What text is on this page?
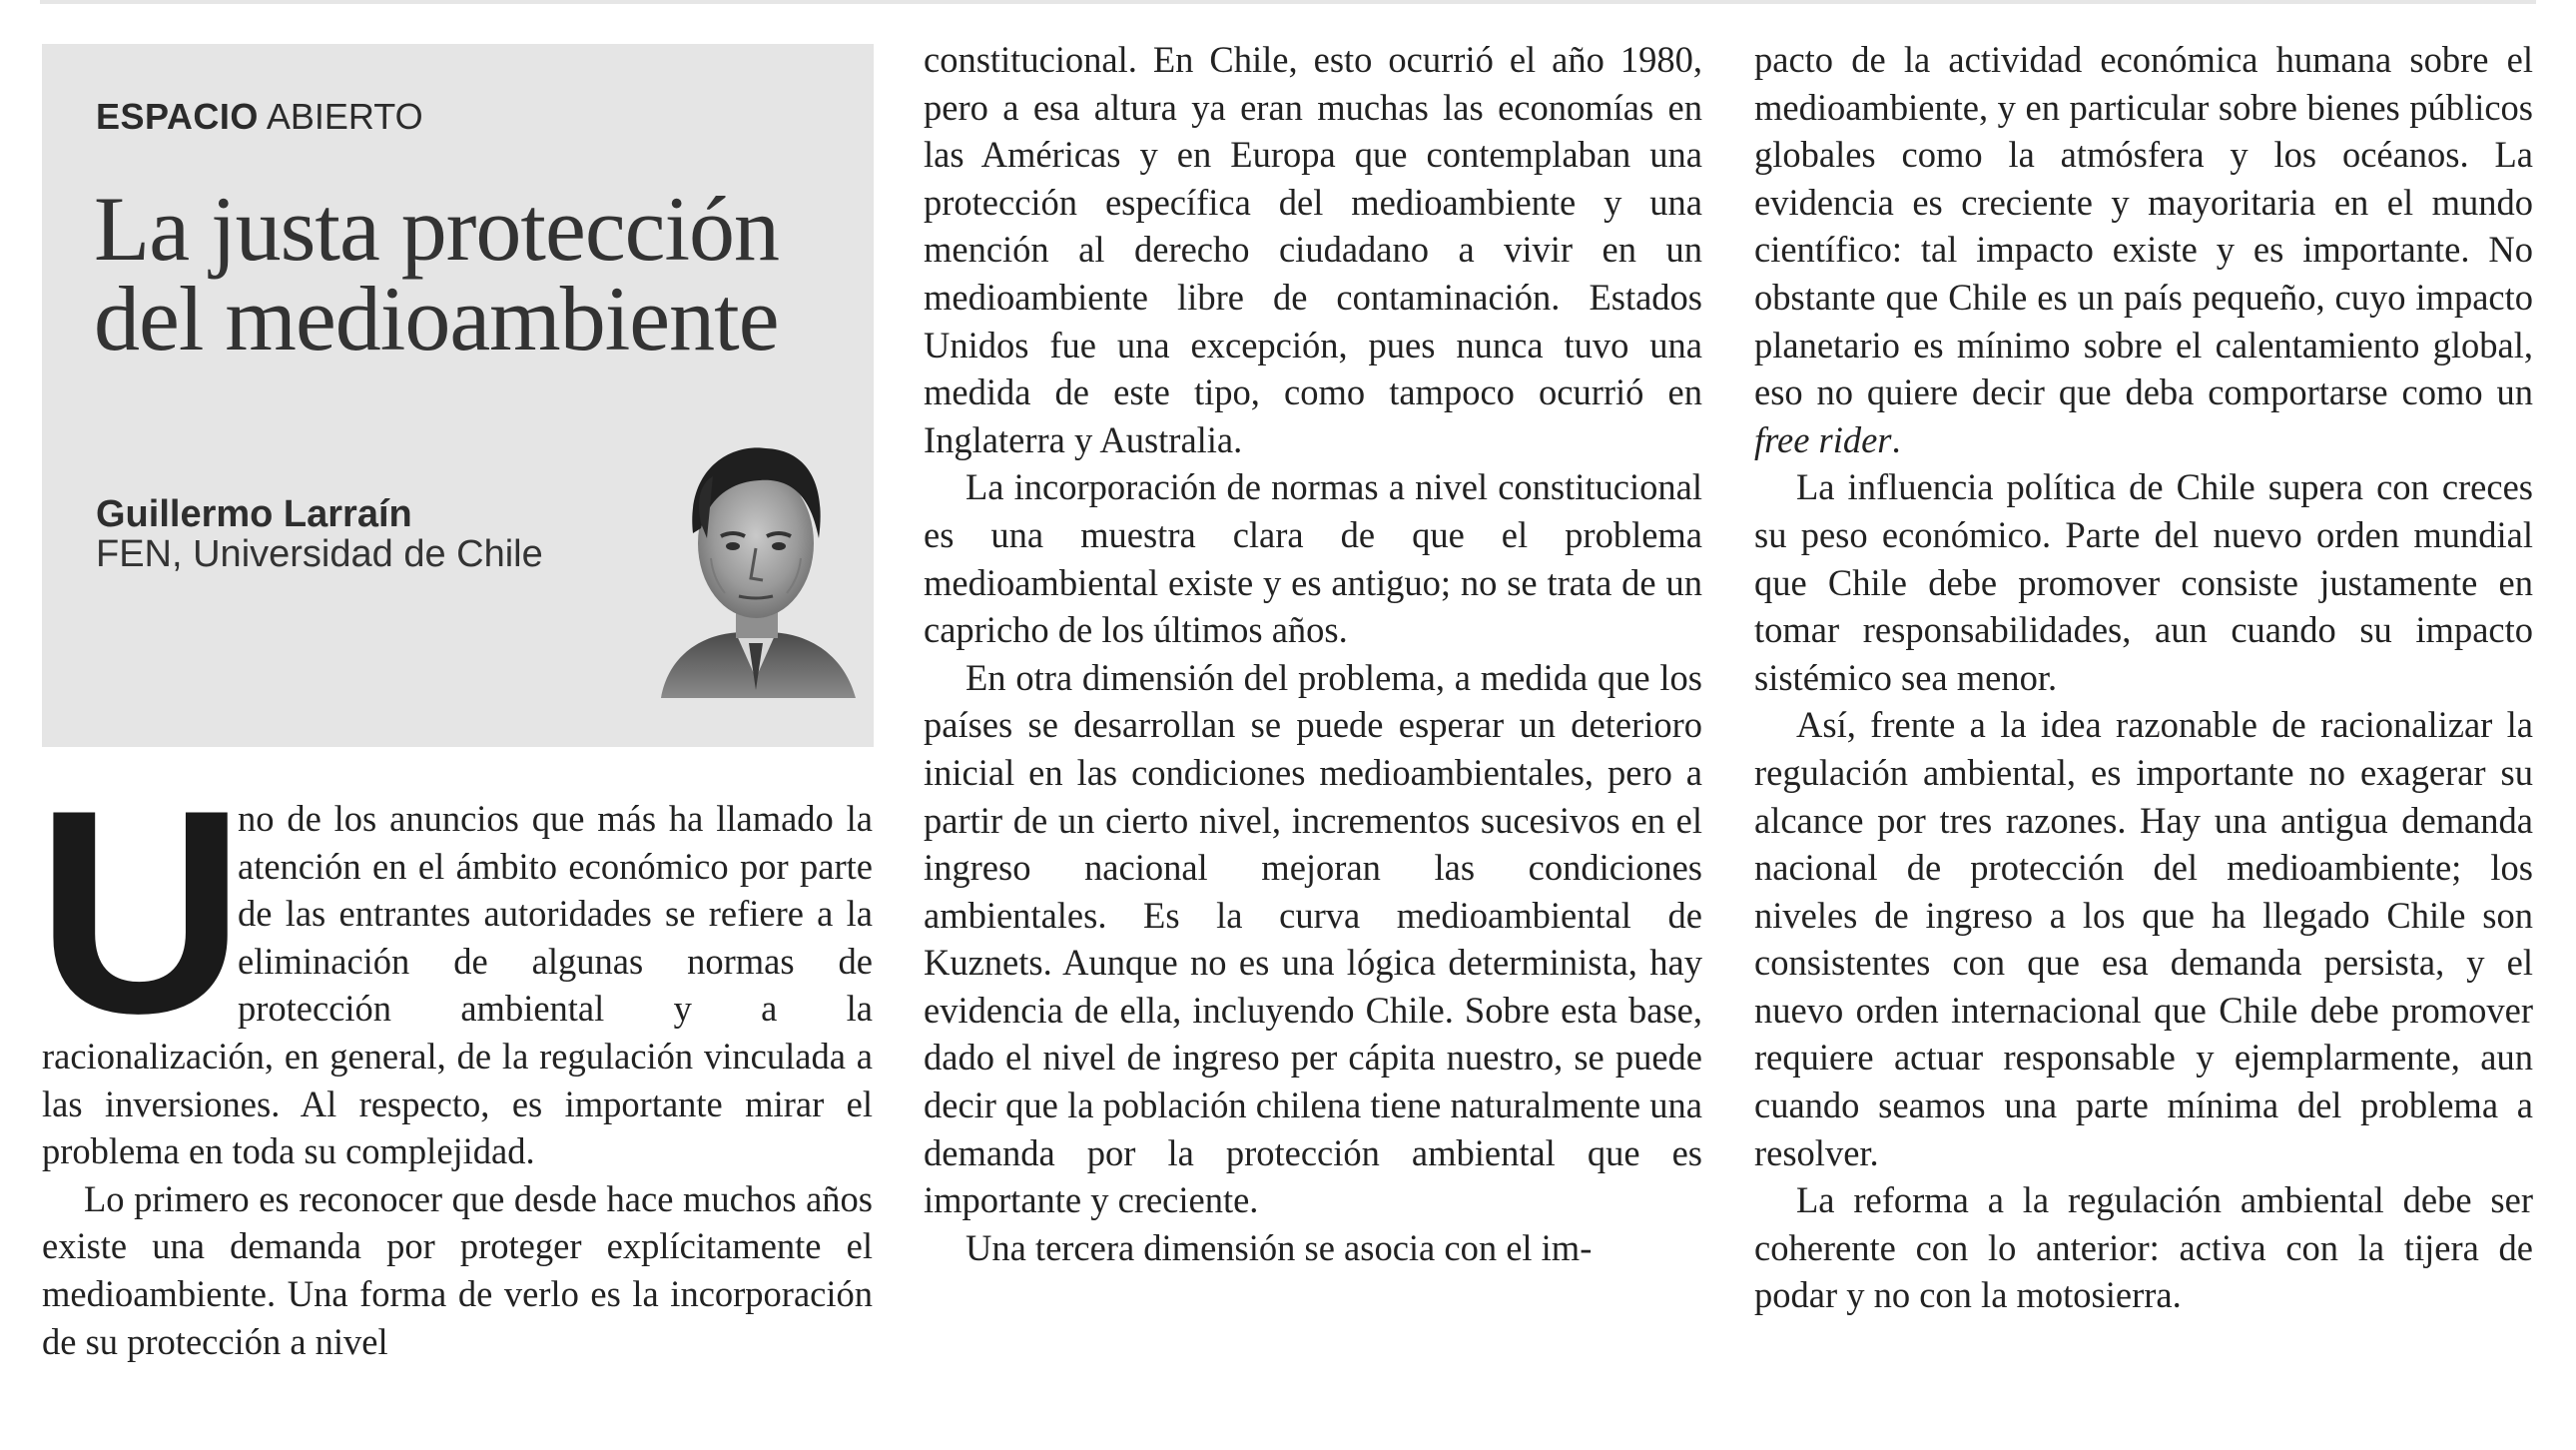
ESPACIO ABIERTO

La justa protección
del medioambiente

Guillermo Larraín

FEN, Universidad de Chile

U
no de los anuncios que más ha llamado la atención en el ámbito económico por parte de las entrantes autoridades se refiere a la eliminación de algunas normas de protección ambiental y a la racionalización, en general, de la regulación vinculada a las inversiones. Al respecto, es importante mirar el problema en toda su complejidad.

Lo primero es reconocer que desde hace muchos años existe una demanda por proteger explícitamente el medioambiente. Una forma de verlo es la incorporación de su protección a nivel

constitucional. En Chile, esto ocurrió el año 1980, pero a esa altura ya eran muchas las economías en las Américas y en Europa que contemplaban una protección específica del medioambiente y una mención al derecho ciudadano a vivir en un medioambiente libre de contaminación. Estados Unidos fue una excepción, pues nunca tuvo una medida de este tipo, como tampoco ocurrió en Inglaterra y Australia.

La incorporación de normas a nivel constitucional es una muestra clara de que el problema medioambiental existe y es antiguo; no se trata de un capricho de los últimos años.

En otra dimensión del problema, a medida que los países se desarrollan se puede esperar un deterioro inicial en las condiciones medioambientales, pero a partir de un cierto nivel, incrementos sucesivos en el ingreso nacional mejoran las condiciones ambientales. Es la curva medioambiental de Kuznets. Aunque no es una lógica determinista, hay evidencia de ella, incluyendo Chile. Sobre esta base, dado el nivel de ingreso per cápita nuestro, se puede decir que la población chilena tiene naturalmente una demanda por la protección ambiental que es importante y creciente.

Una tercera dimensión se asocia con el im-

pacto de la actividad económica humana sobre el medioambiente, y en particular sobre bienes públicos globales como la atmósfera y los océanos. La evidencia es creciente y mayoritaria en el mundo científico: tal impacto existe y es importante. No obstante que Chile es un país pequeño, cuyo impacto planetario es mínimo sobre el calentamiento global, eso no quiere decir que deba comportarse como un free rider.

La influencia política de Chile supera con creces su peso económico. Parte del nuevo orden mundial que Chile debe promover consiste justamente en tomar responsabilidades, aun cuando su impacto sistémico sea menor.

Así, frente a la idea razonable de racionalizar la regulación ambiental, es importante no exagerar su alcance por tres razones. Hay una antigua demanda nacional de protección del medioambiente; los niveles de ingreso a los que ha llegado Chile son consistentes con que esa demanda persista, y el nuevo orden internacional que Chile debe promover requiere actuar responsable y ejemplarmente, aun cuando seamos una parte mínima del problema a resolver.

La reforma a la regulación ambiental debe ser coherente con lo anterior: activa con la tijera de podar y no con la motosierra.
